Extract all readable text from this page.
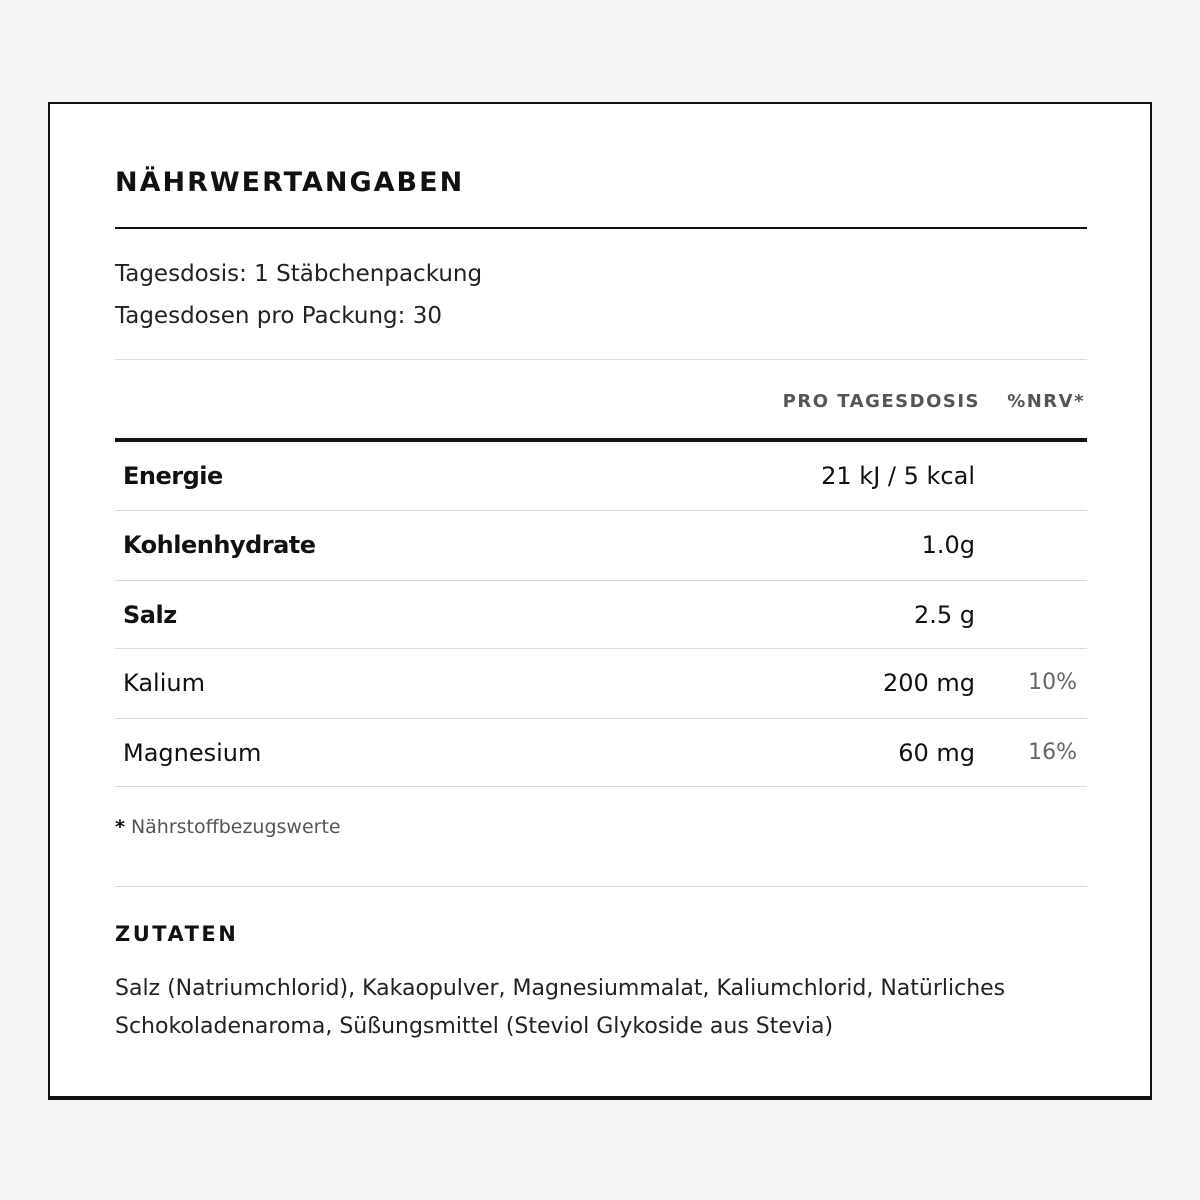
NÄHRWERTANGABEN
Tagesdosis: 1 Stäbchenpackung
Tagesdosen pro Packung: 30
PRO TAGESDOSIS %NRV*
Energie	21 kJ / 5 kcal
Kohlenhydrate	1.0g
Salz	2.5 g
Kalium	200 mg 10%
Magnesium	60 mg 16%
* Nährstoffbezugswerte
ZUTATEN
Salz (Natriumchlorid), Kakaopulver, Magnesiummalat, Kaliumchlorid, Natürliches Schokoladenaroma, Süßungsmittel (Steviol Glykoside aus Stevia)
